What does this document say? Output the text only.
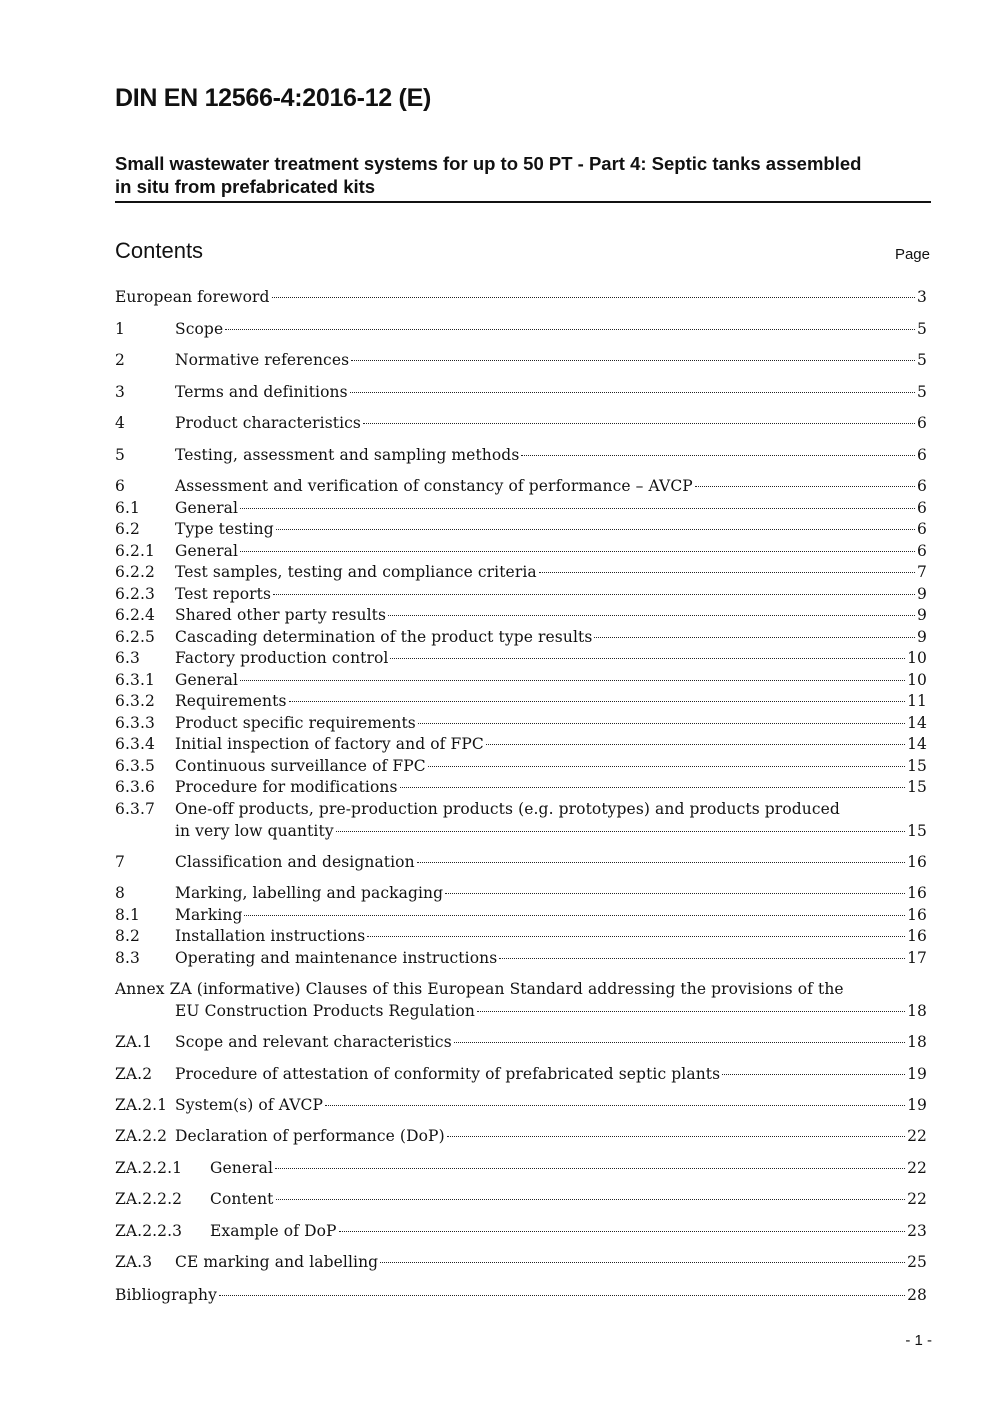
DIN EN 12566-4:2016-12 (E)
Small wastewater treatment systems for up to 50 PT - Part 4: Septic tanks assembled
in situ from prefabricated kits
Contents	Page
European foreword	3
1	Scope	5
2	Normative references	5
3	Terms and definitions	5
4	Product characteristics	6
5	Testing, assessment and sampling methods	6
6	Assessment and verification of constancy of performance – AVCP	6
6.1 General	6
6.2 Type testing	6
6.2.1 General	6
6.2.2 Test samples, testing and compliance criteria	7
6.2.3 Test reports	9
6.2.4 Shared other party results	9
6.2.5 Cascading determination of the product type results	9
6.3 Factory production control	10
6.3.1 General	10
6.3.2 Requirements	11
6.3.3 Product specific requirements	14
6.3.4 Initial inspection of factory and of FPC	14
6.3.5 Continuous surveillance of FPC	15
6.3.6 Procedure for modifications	15
6.3.7 One-off products, pre-production products (e.g. prototypes) and products produced
in very low quantity	15
7	Classification and designation	16
8	Marking, labelling and packaging	16
8.1 Marking	16
8.2 Installation instructions	16
8.3 Operating and maintenance instructions	17
Annex ZA (informative) Clauses of this European Standard addressing the provisions of the
EU Construction Products Regulation	18
ZA.1 Scope and relevant characteristics	18
ZA.2 Procedure of attestation of conformity of prefabricated septic plants	19
ZA.2.1 System(s) of AVCP	19
ZA.2.2 Declaration of performance (DoP)	22
ZA.2.2.1 General	22
ZA.2.2.2 Content	22
ZA.2.2.3 Example of DoP	23
ZA.3 CE marking and labelling	25
Bibliography	28
- 1 -
